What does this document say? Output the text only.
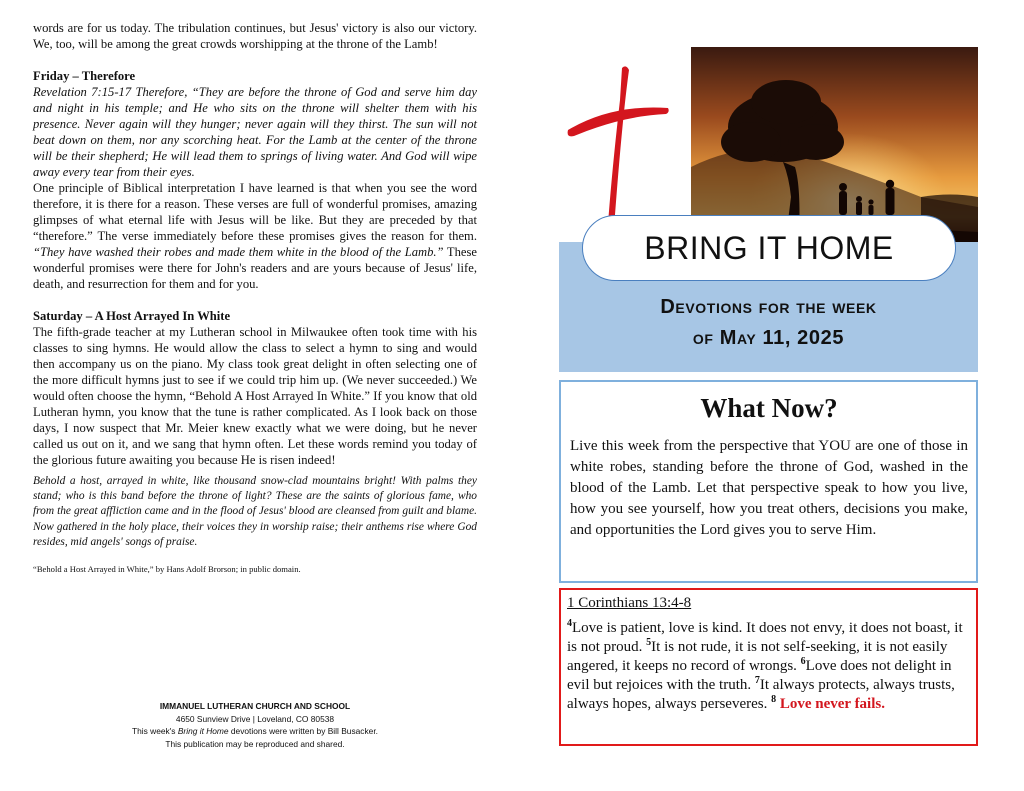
words are for us today. The tribulation continues, but Jesus' victory is also our victory. We, too, will be among the great crowds worshipping at the throne of the Lamb!

Friday – Therefore

Revelation 7:15-17 Therefore, “They are before the throne of God and serve him day and night in his temple; and He who sits on the throne will shelter them with his presence. Never again will they hunger; never again will they thirst. The sun will not beat down on them, nor any scorching heat. For the Lamb at the center of the throne will be their shepherd; He will lead them to springs of living water. And God will wipe away every tear from their eyes.

One principle of Biblical interpretation I have learned is that when you see the word therefore, it is there for a reason. These verses are full of wonderful promises, amazing glimpses of what eternal life with Jesus will be like. But they are preceded by that “therefore.” The verse immediately before these promises gives the reason for them. “They have washed their robes and made them white in the blood of the Lamb.” These wonderful promises were there for John's readers and are yours because of Jesus' life, death, and resurrection for them and for you.

Saturday – A Host Arrayed In White

The fifth-grade teacher at my Lutheran school in Milwaukee often took time with his classes to sing hymns. He would allow the class to select a hymn to sing and would then accompany us on the piano. My class took great delight in often selecting one of the more difficult hymns just to see if we could trip him up. (We never succeeded.) We would often choose the hymn, “Behold A Host Arrayed In White.” If you know that old Lutheran hymn, you know that the tune is rather complicated. As I look back on those days, I now suspect that Mr. Meier knew exactly what we were doing, but he never called us out on it, and we sang that hymn often. Let these words remind you today of the glorious future awaiting you because He is risen indeed!

Behold a host, arrayed in white, like thousand snow-clad mountains bright! With palms they stand; who is this band before the throne of light? These are the saints of glorious fame, who from the great affliction came and in the flood of Jesus' blood are cleansed from guilt and blame. Now gathered in the holy place, their voices they in worship raise; their anthems rise where God resides, mid angels' songs of praise.

“Behold a Host Arrayed in White,” by Hans Adolf Brorson; in public domain.

IMMANUEL LUTHERAN CHURCH AND SCHOOL
4650 Sunview Drive | Loveland, CO 80538
This week's Bring it Home devotions were written by Bill Busacker.
This publication may be reproduced and shared.
BRING IT HOME
Devotions for the week
of May 11, 2025
What Now?

Live this week from the perspective that YOU are one of those in white robes, standing before the throne of God, washed in the blood of the Lamb. Let that perspective speak to how you live, how you see yourself, how you treat others, decisions you make, and opportunities the Lord gives you to serve Him.

1 Corinthians 13:4-8
$^4$Love is patient, love is kind. It does not envy, it does not boast, it is not proud. $^5$It is not rude, it is not self-seeking, it is not easily angered, it keeps no record of wrongs. $^6$Love does not delight in evil but rejoices with the truth. $^7$It always protects, always trusts, always hopes, always perseveres. $^8$ Love never fails.
